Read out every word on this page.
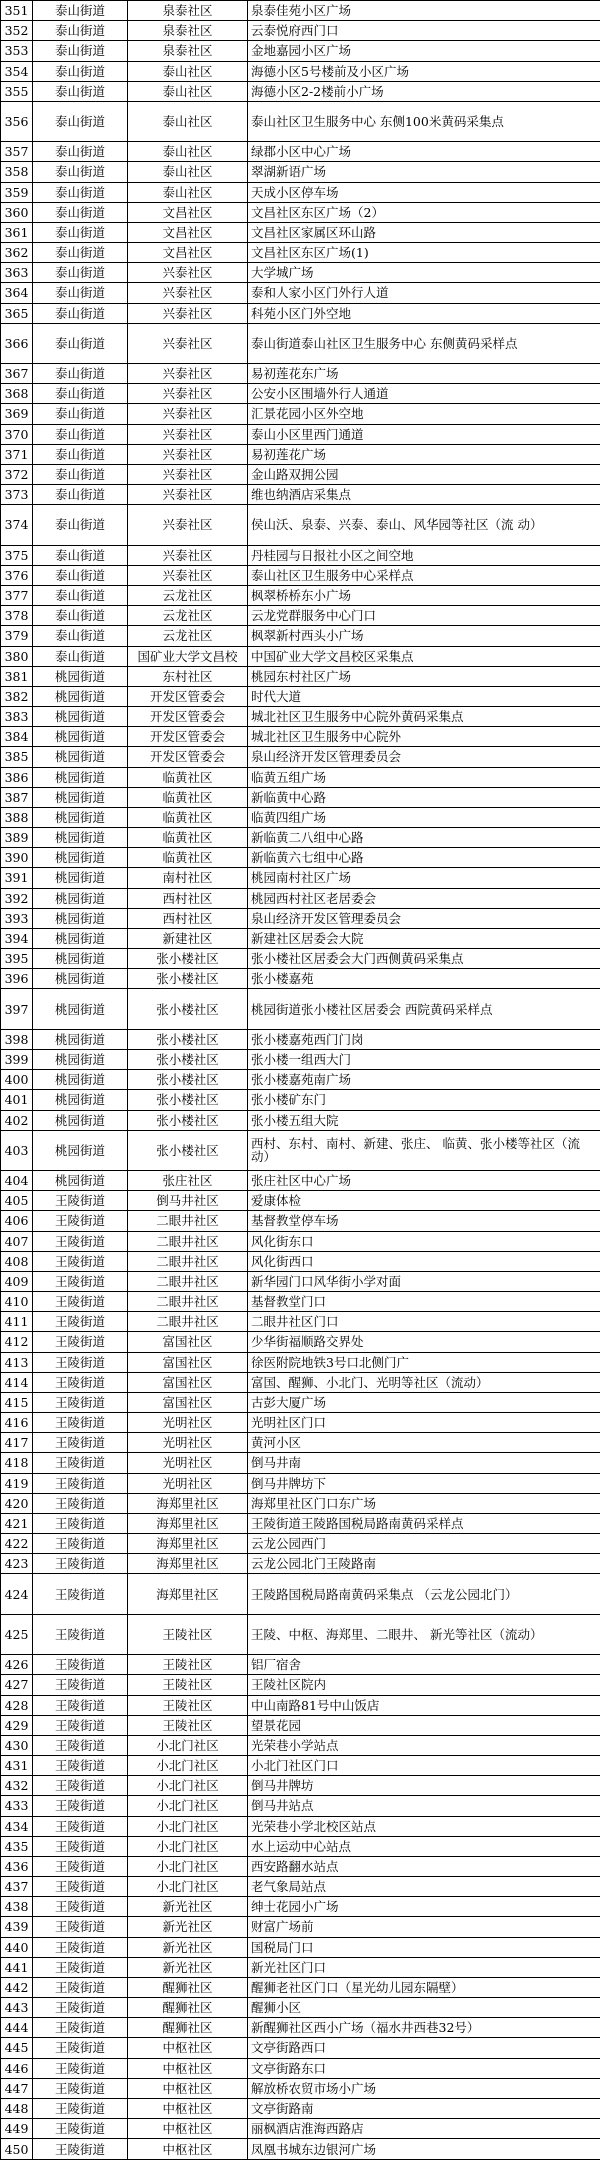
351	泰山街道	泉泰社区	泉泰佳苑小区广场
352	泰山街道	泉泰社区	云泰悦府西门口
353	泰山街道	泉泰社区	金地嘉园小区广场
354	泰山街道	泰山社区	海德小区5号楼前及小区广场
355	泰山街道	泰山社区	海德小区2-2楼前小广场
356	泰山街道	泰山社区	泰山社区卫生服务中心 东侧100米黄码采集点
357	泰山街道	泰山社区	绿郡小区中心广场
358	泰山街道	泰山社区	翠湖新语广场
359	泰山街道	泰山社区	天成小区停车场
360	泰山街道	文昌社区	文昌社区东区广场（2）
361	泰山街道	文昌社区	文昌社区家属区环山路
362	泰山街道	文昌社区	文昌社区东区广场(1)
363	泰山街道	兴泰社区	大学城广场
364	泰山街道	兴泰社区	泰和人家小区门外行人道
365	泰山街道	兴泰社区	科苑小区门外空地
366	泰山街道	兴泰社区	泰山街道泰山社区卫生服务中心 东侧黄码采样点
367	泰山街道	兴泰社区	易初莲花东广场
368	泰山街道	兴泰社区	公安小区围墙外行人通道
369	泰山街道	兴泰社区	汇景花园小区外空地
370	泰山街道	兴泰社区	泰山小区里西门通道
371	泰山街道	兴泰社区	易初莲花广场
372	泰山街道	兴泰社区	金山路双拥公园
373	泰山街道	兴泰社区	维也纳酒店采集点
374	泰山街道	兴泰社区	侯山沃、泉泰、兴泰、泰山、风华园等社区（流 动）
375	泰山街道	兴泰社区	丹桂园与日报社小区之间空地
376	泰山街道	兴泰社区	泰山社区卫生服务中心采样点
377	泰山街道	云龙社区	枫翠桥桥东小广场
378	泰山街道	云龙社区	云龙党群服务中心门口
379	泰山街道	云龙社区	枫翠新村西头小广场
380	泰山街道	国矿业大学文昌校	中国矿业大学文昌校区采集点
381	桃园街道	东村社区	桃园东村社区广场
382	桃园街道	开发区管委会	时代大道
383	桃园街道	开发区管委会	城北社区卫生服务中心院外黄码采集点
384	桃园街道	开发区管委会	城北社区卫生服务中心院外
385	桃园街道	开发区管委会	泉山经济开发区管理委员会
386	桃园街道	临黄社区	临黄五组广场
387	桃园街道	临黄社区	新临黄中心路
388	桃园街道	临黄社区	临黄四组广场
389	桃园街道	临黄社区	新临黄二八组中心路
390	桃园街道	临黄社区	新临黄六七组中心路
391	桃园街道	南村社区	桃园南村社区广场
392	桃园街道	西村社区	桃园西村社区老居委会
393	桃园街道	西村社区	泉山经济开发区管理委员会
394	桃园街道	新建社区	新建社区居委会大院
395	桃园街道	张小楼社区	张小楼社区居委会大门西侧黄码采集点
396	桃园街道	张小楼社区	张小楼嘉苑
397	桃园街道	张小楼社区	桃园街道张小楼社区居委会 西院黄码采样点
398	桃园街道	张小楼社区	张小楼嘉苑西门门岗
399	桃园街道	张小楼社区	张小楼一组西大门
400	桃园街道	张小楼社区	张小楼嘉苑南广场
401	桃园街道	张小楼社区	张小楼矿东门
402	桃园街道	张小楼社区	张小楼五组大院
403	桃园街道	张小楼社区	西村、东村、南村、新建、张庄、 临黄、张小楼等社区（流动）
404	桃园街道	张庄社区	张庄社区中心广场
405	王陵街道	倒马井社区	爱康体检
406	王陵街道	二眼井社区	基督教堂停车场
407	王陵街道	二眼井社区	风化街东口
408	王陵街道	二眼井社区	风化街西口
409	王陵街道	二眼井社区	新华园门口风华街小学对面
410	王陵街道	二眼井社区	基督教堂门口
411	王陵街道	二眼井社区	二眼井社区门口
412	王陵街道	富国社区	少华街福顺路交界处
413	王陵街道	富国社区	徐医附院地铁3号口北侧门广
414	王陵街道	富国社区	富国、醒狮、小北门、光明等社区（流动）
415	王陵街道	富国社区	古彭大厦广场
416	王陵街道	光明社区	光明社区门口
417	王陵街道	光明社区	黄河小区
418	王陵街道	光明社区	倒马井南
419	王陵街道	光明社区	倒马井牌坊下
420	王陵街道	海郑里社区	海郑里社区门口东广场
421	王陵街道	海郑里社区	王陵街道王陵路国税局路南黄码采样点
422	王陵街道	海郑里社区	云龙公园西门
423	王陵街道	海郑里社区	云龙公园北门王陵路南
424	王陵街道	海郑里社区	王陵路国税局路南黄码采集点 （云龙公园北门）
425	王陵街道	王陵社区	王陵、中枢、海郑里、二眼井、 新光等社区（流动）
426	王陵街道	王陵社区	铝厂宿舍
427	王陵街道	王陵社区	王陵社区院内
428	王陵街道	王陵社区	中山南路81号中山饭店
429	王陵街道	王陵社区	望景花园
430	王陵街道	小北门社区	光荣巷小学站点
431	王陵街道	小北门社区	小北门社区门口
432	王陵街道	小北门社区	倒马井牌坊
433	王陵街道	小北门社区	倒马井站点
434	王陵街道	小北门社区	光荣巷小学北校区站点
435	王陵街道	小北门社区	水上运动中心站点
436	王陵街道	小北门社区	西安路翻水站点
437	王陵街道	小北门社区	老气象局站点
438	王陵街道	新光社区	绅士花园小广场
439	王陵街道	新光社区	财富广场前
440	王陵街道	新光社区	国税局门口
441	王陵街道	新光社区	新光社区门口
442	王陵街道	醒狮社区	醒狮老社区门口（星光幼儿园东隔壁）
443	王陵街道	醒狮社区	醒狮小区
444	王陵街道	醒狮社区	新醒狮社区西小广场（福水井西巷32号）
445	王陵街道	中枢社区	文亭街路西口
446	王陵街道	中枢社区	文亭街路东口
447	王陵街道	中枢社区	解放桥农贸市场小广场
448	王陵街道	中枢社区	文亭街路南
449	王陵街道	中枢社区	丽枫酒店淮海西路店
450	王陵街道	中枢社区	凤凰书城东边银河广场
